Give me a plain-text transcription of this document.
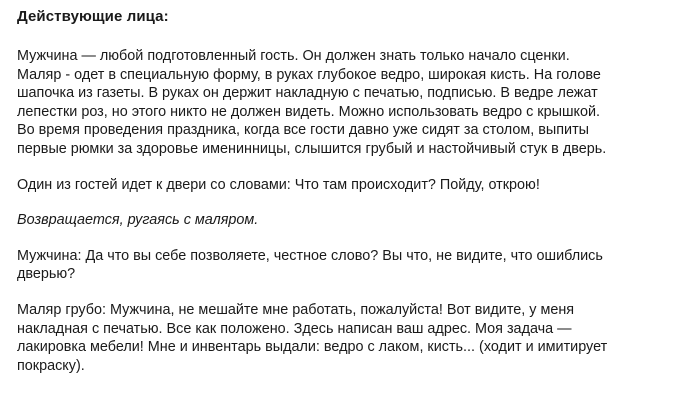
Действующие лица:

Мужчина — любой подготовленный гость. Он должен знать только начало сценки.
Маляр - одет в специальную форму, в руках глубокое ведро, широкая кисть. На голове
шапочка из газеты. В руках он держит накладную с печатью, подписью. В ведре лежат
лепестки роз, но этого никто не должен видеть. Можно использовать ведро с крышкой.
Во время проведения праздника, когда все гости давно уже сидят за столом, выпиты
первые рюмки за здоровье именинницы, слышится грубый и настойчивый стук в дверь.
Один из гостей идет к двери со словами: Что там происходит? Пойду, открою!
Возвращается, ругаясь с маляром.
Мужчина: Да что вы себе позволяете, честное слово? Вы что, не видите, что ошиблись
дверью?
Маляр грубо: Мужчина, не мешайте мне работать, пожалуйста! Вот видите, у меня
накладная с печатью. Все как положено. Здесь написан ваш адрес. Моя задача —
лакировка мебели! Мне и инвентарь выдали: ведро с лаком, кисть... (ходит и имитирует
покраску).
